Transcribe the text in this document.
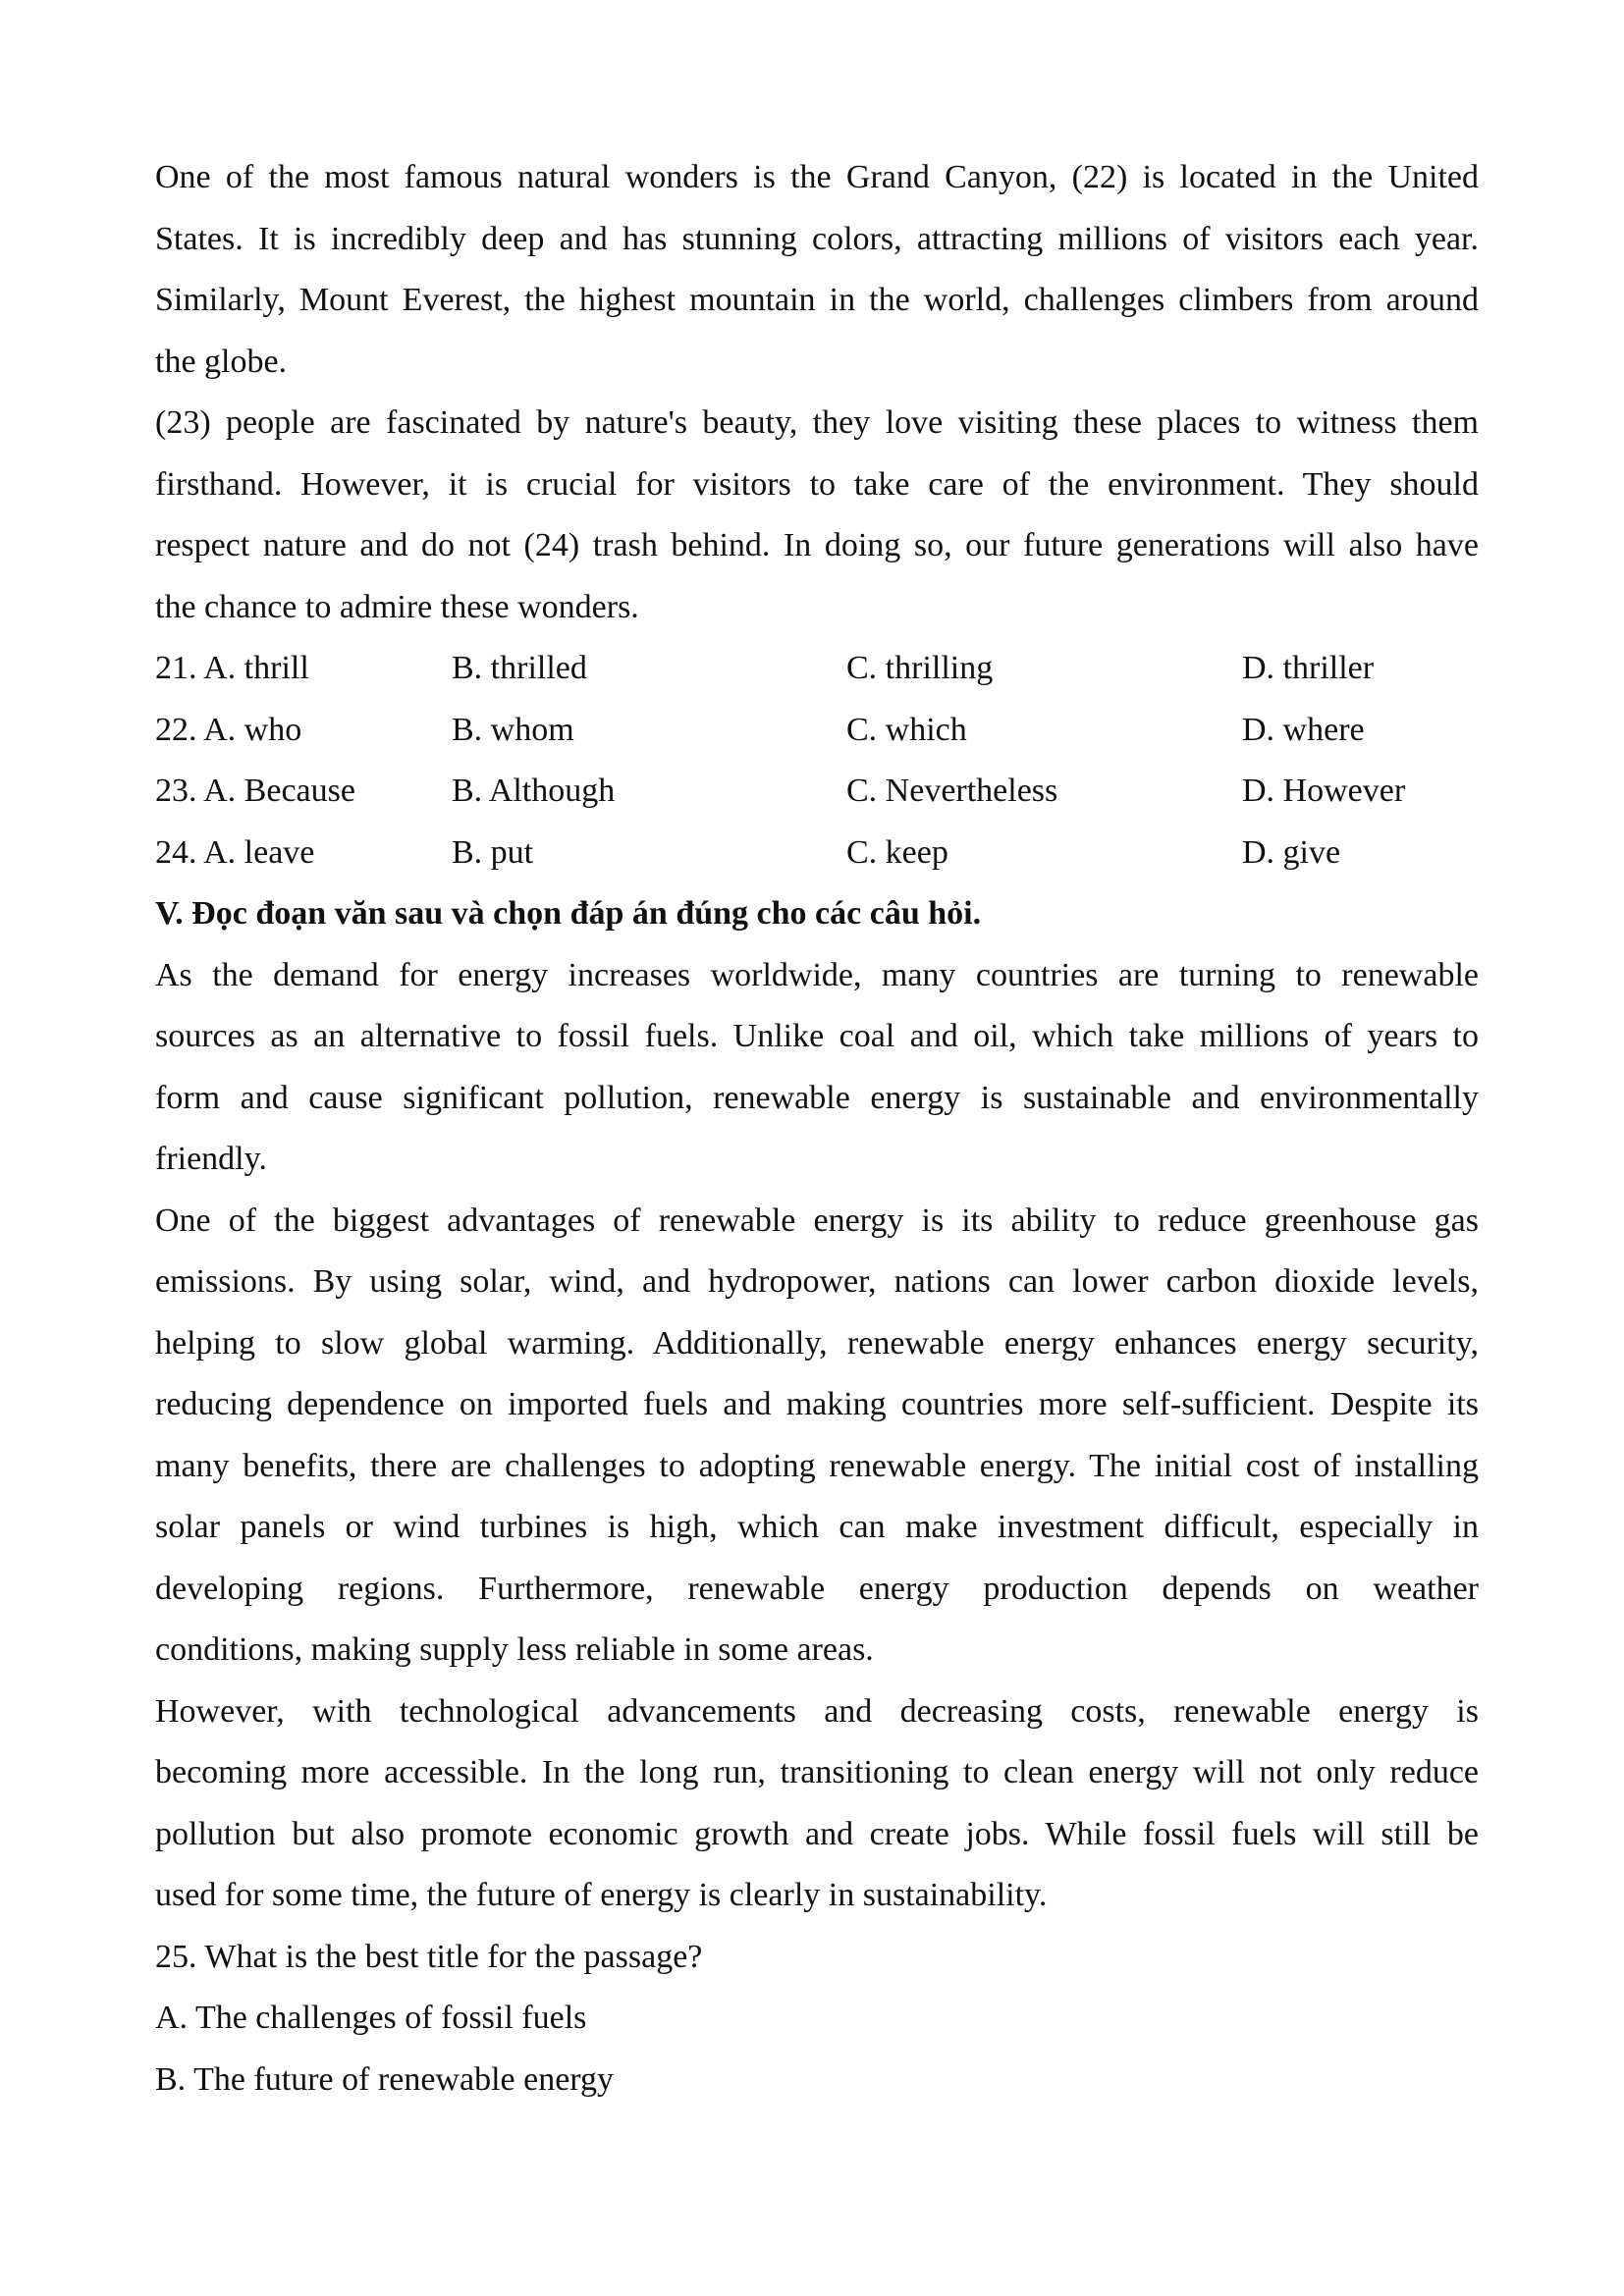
One of the most famous natural wonders is the Grand Canyon, (22) is located in the United
States. It is incredibly deep and has stunning colors, attracting millions of visitors each year.
Similarly, Mount Everest, the highest mountain in the world, challenges climbers from around
the globe.
(23) people are fascinated by nature's beauty, they love visiting these places to witness them
firsthand. However, it is crucial for visitors to take care of the environment. They should
respect nature and do not (24) trash behind. In doing so, our future generations will also have
the chance to admire these wonders.
21. A. thrill	B. thrilled	C. thrilling	D. thriller
22. A. who	B. whom	C. which	D. where
23. A. Because	B. Although	C. Nevertheless	D. However
24. A. leave	B. put	C. keep	D. give
V. Đọc đoạn văn sau và chọn đáp án đúng cho các câu hỏi.
As the demand for energy increases worldwide, many countries are turning to renewable
sources as an alternative to fossil fuels. Unlike coal and oil, which take millions of years to
form and cause significant pollution, renewable energy is sustainable and environmentally
friendly.
One of the biggest advantages of renewable energy is its ability to reduce greenhouse gas
emissions. By using solar, wind, and hydropower, nations can lower carbon dioxide levels,
helping to slow global warming. Additionally, renewable energy enhances energy security,
reducing dependence on imported fuels and making countries more self-sufficient. Despite its
many benefits, there are challenges to adopting renewable energy. The initial cost of installing
solar panels or wind turbines is high, which can make investment difficult, especially in
developing regions. Furthermore, renewable energy production depends on weather
conditions, making supply less reliable in some areas.
However, with technological advancements and decreasing costs, renewable energy is
becoming more accessible. In the long run, transitioning to clean energy will not only reduce
pollution but also promote economic growth and create jobs. While fossil fuels will still be
used for some time, the future of energy is clearly in sustainability.
25. What is the best title for the passage?
A. The challenges of fossil fuels
B. The future of renewable energy
